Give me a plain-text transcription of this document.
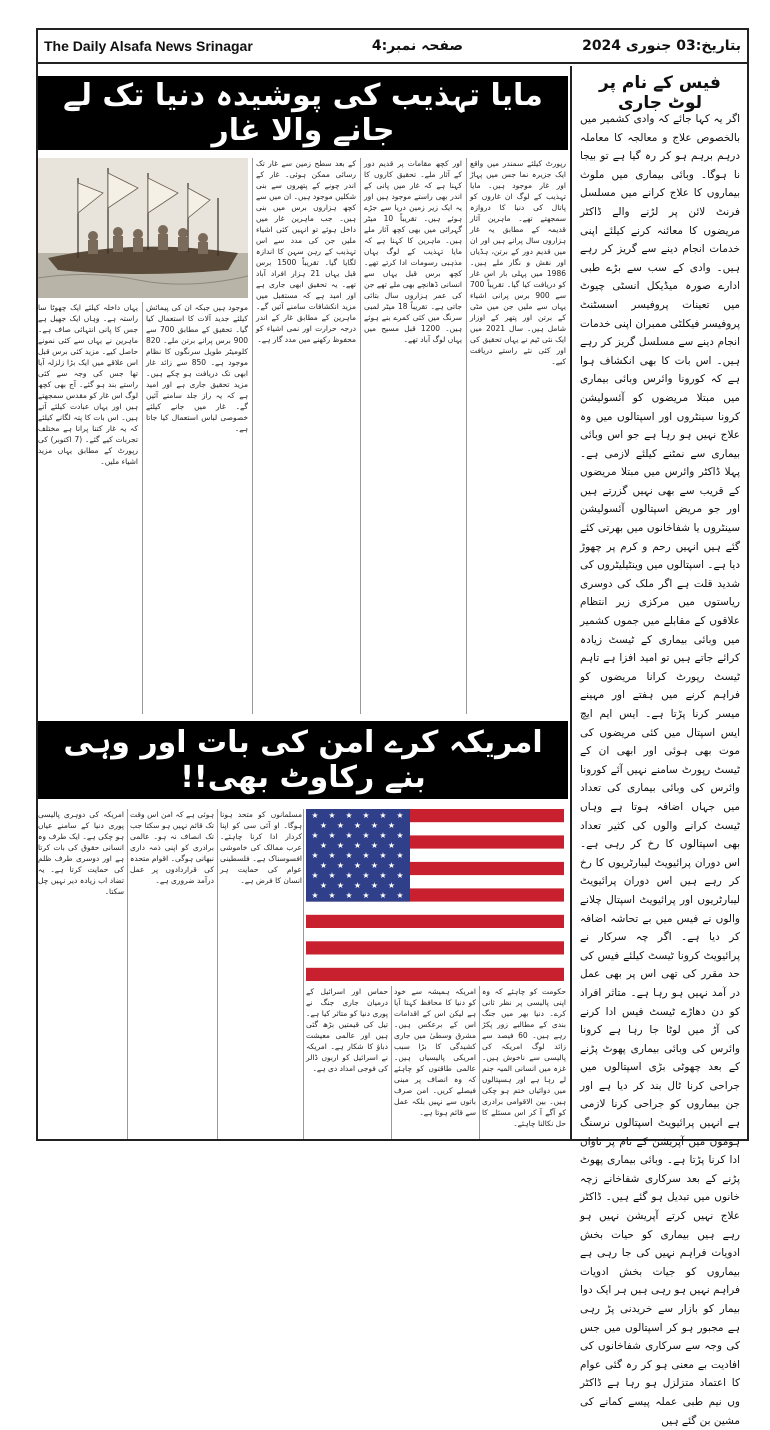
The Daily Alsafa News Srinagar	صفحہ نمبر:4	بتاریخ:03 جنوری 2024
مایا تہذیب کی پوشیدہ دنیا تک لے جانے والا غار

یہاں داخلہ کیلئے ایک چھوٹا سا راستہ ہے۔ وہاں ایک جھیل ہے جس کا پانی انتہائی صاف ہے۔ ماہرین نے یہاں سے کئی نمونے حاصل کیے۔ مزید کئی برس قبل اس علاقے میں ایک بڑا زلزلہ آیا تھا جس کی وجہ سے کئی راستے بند ہو گئے۔ آج بھی کچھ لوگ اس غار کو مقدس سمجھتے ہیں اور یہاں عبادت کیلئے آتے ہیں۔ اس بات کا پتہ لگانے کیلئے کہ یہ غار کتنا پرانا ہے مختلف تجربات کیے گئے۔ (7 اکتوبر) کی رپورٹ کے مطابق یہاں مزید اشیاء ملیں۔

موجود ہیں جبکہ ان کی پیمائش کیلئے جدید آلات کا استعمال کیا گیا۔ تحقیق کے مطابق 700 سے 900 برس پرانے برتن ملے۔ 820 کلومیٹر طویل سرنگوں کا نظام موجود ہے۔ 850 سے زائد غار ابھی تک دریافت ہو چکے ہیں۔ مزید تحقیق جاری ہے اور امید ہے کہ یہ راز جلد سامنے آئیں گے۔ غار میں جانے کیلئے خصوصی لباس استعمال کیا جاتا ہے۔

کے بعد سطح زمین سے غار تک رسائی ممکن ہوئی۔ غار کے اندر چونے کے پتھروں سے بنی شکلیں موجود ہیں۔ ان میں سے کچھ ہزاروں برس میں بنی ہیں۔ جب ماہرین غار میں داخل ہوئے تو انہیں کئی اشیاء ملیں جن کی مدد سے اس تہذیب کے رہن سہن کا اندازہ لگایا گیا۔ تقریباً 1500 برس قبل یہاں 21 ہزار افراد آباد تھے۔ یہ تحقیق ابھی جاری ہے اور امید ہے کہ مستقبل میں مزید انکشافات سامنے آئیں گے۔ ماہرین کے مطابق غار کے اندر درجہ حرارت اور نمی اشیاء کو محفوظ رکھنے میں مدد گار ہے۔

اور کچھ مقامات پر قدیم دور کے آثار ملے۔ تحقیق کاروں کا کہنا ہے کہ غار میں پانی کے اندر بھی راستے موجود ہیں اور یہ ایک زیر زمین دریا سے جڑے ہوئے ہیں۔ تقریباً 10 میٹر گہرائی میں بھی کچھ آثار ملے ہیں۔ ماہرین کا کہنا ہے کہ مایا تہذیب کے لوگ یہاں مذہبی رسومات ادا کرتے تھے۔ کچھ برس قبل یہاں سے انسانی ڈھانچے بھی ملے تھے جن کی عمر ہزاروں سال بتائی جاتی ہے۔ تقریباً 18 میٹر لمبی سرنگ میں کئی کمرے بنے ہوئے ہیں۔ 1200 قبل مسیح میں یہاں لوگ آباد تھے۔

رپورٹ کیلئے سمندر میں واقع ایک جزیرہ نما جس میں پہاڑ اور غار موجود ہیں۔ مایا تہذیب کے لوگ ان غاروں کو پاتال کی دنیا کا دروازہ سمجھتے تھے۔ ماہرین آثار قدیمہ کے مطابق یہ غار ہزاروں سال پرانے ہیں اور ان میں قدیم دور کے برتن، ہڈیاں اور نقش و نگار ملے ہیں۔ 1986 میں پہلی بار اس غار کو دریافت کیا گیا۔ تقریباً 700 سے 900 برس پرانی اشیاء یہاں سے ملیں جن میں مٹی کے برتن اور پتھر کے اوزار شامل ہیں۔ سال 2021 میں ایک نئی ٹیم نے یہاں تحقیق کی اور کئی نئے راستے دریافت کیے۔

امریکہ کرے امن کی بات اور وہی بنے رکاوٹ بھی!!

امریکہ کی دوہری پالیسی پوری دنیا کے سامنے عیاں ہو چکی ہے۔ ایک طرف وہ انسانی حقوق کی بات کرتا ہے اور دوسری طرف ظلم کی حمایت کرتا ہے۔ یہ تضاد اب زیادہ دیر نہیں چل سکتا۔

ہوئی ہے کہ امن اس وقت تک قائم نہیں ہو سکتا جب تک انصاف نہ ہو۔ عالمی برادری کو اپنی ذمہ داری نبھانی ہوگی۔ اقوام متحدہ کی قراردادوں پر عمل درآمد ضروری ہے۔

مسلمانوں کو متحد ہونا ہوگا۔ او آئی سی کو اپنا کردار ادا کرنا چاہئے۔ عرب ممالک کی خاموشی افسوسناک ہے۔ فلسطینی عوام کی حمایت ہر انسان کا فرض ہے۔

★ ★ ★ ★ ★ ★
★ ★ ★ ★ ★
★ ★ ★ ★ ★ ★
★ ★ ★ ★ ★
★ ★ ★ ★ ★ ★
★ ★ ★ ★ ★
★ ★ ★ ★ ★ ★
★ ★ ★ ★ ★
★ ★ ★ ★ ★ ★

حماس اور اسرائیل کے درمیان جاری جنگ نے پوری دنیا کو متاثر کیا ہے۔ تیل کی قیمتیں بڑھ گئی ہیں اور عالمی معیشت دباؤ کا شکار ہے۔ امریکہ نے اسرائیل کو اربوں ڈالر کی فوجی امداد دی ہے۔

امریکہ ہمیشہ سے خود کو دنیا کا محافظ کہتا آیا ہے لیکن اس کے اقدامات اس کے برعکس ہیں۔ مشرق وسطیٰ میں جاری کشیدگی کا بڑا سبب امریکی پالیسیاں ہیں۔ عالمی طاقتوں کو چاہئے کہ وہ انصاف پر مبنی فیصلے کریں۔ امن صرف باتوں سے نہیں بلکہ عمل سے قائم ہوتا ہے۔

حکومت کو چاہئے کہ وہ اپنی پالیسی پر نظر ثانی کرے۔ دنیا بھر میں جنگ بندی کے مطالبے زور پکڑ رہے ہیں۔ 60 فیصد سے زائد لوگ امریکہ کی پالیسی سے ناخوش ہیں۔ غزہ میں انسانی المیہ جنم لے رہا ہے اور ہسپتالوں میں دوائیاں ختم ہو چکی ہیں۔ بین الاقوامی برادری کو آگے آ کر اس مسئلے کا حل نکالنا چاہئے۔

فیس کے نام پر لوٹ جاری
اگر یہ کہا جائے کہ وادی کشمیر میں بالخصوص علاج و معالجہ کا معاملہ درہم برہم ہو کر رہ گیا ہے تو بیجا نا ہوگا۔ وبائی بیماری میں ملوث بیماروں کا علاج کرانے میں مسلسل فرنٹ لائن پر لڑنے والے ڈاکٹر مریضوں کا معائنہ کرنے کیلئے اپنی خدمات انجام دینے سے گریز کر رہے ہیں۔ وادی کے سب سے بڑے طبی ادارے صورہ میڈیکل انسٹی چیوٹ میں تعینات پروفیسر اسسٹنٹ پروفیسر فیکلٹی ممبران اپنی خدمات انجام دینے سے مسلسل گریز کر رہے ہیں۔ اس بات کا بھی انکشاف ہوا ہے کہ کورونا وائرس وبائی بیماری میں مبتلا مریضوں کو آئسولیشن کرونا سینٹروں اور اسپتالوں میں وہ علاج نہیں ہو رہا ہے جو اس وبائی بیماری سے نمٹنے کیلئے لازمی ہے۔ پہلا ڈاکٹر وائرس میں مبتلا مریضوں کے قریب سے بھی نہیں گزرتے ہیں اور جو مریض اسپتالوں آئسولیشن سینٹروں یا شفاخانوں میں بھرتی کئے گئے ہیں انہیں رحم و کرم پر چھوڑ دیا ہے۔ اسپتالوں میں وینٹیلیٹروں کی شدید قلت ہے اگر ملک کی دوسری ریاستوں میں مرکزی زیر انتظام علاقوں کے مقابلے میں جموں کشمیر میں وبائی بیماری کے ٹیسٹ زیادہ کرائے جاتے ہیں تو امید افزا ہے تاہم ٹیسٹ رپورٹ کرانا مریضوں کو فراہم کرنے میں ہفتے اور مہینے میسر کرنا پڑتا ہے۔ ایس ایم ایچ ایس اسپتال میں کئی مریضوں کی موت بھی ہوئی اور ابھی ان کے ٹیسٹ رپورٹ سامنے نہیں آئے کورونا وائرس کی وبائی بیماری کی تعداد میں جہاں اضافہ ہوتا ہے وہاں ٹیسٹ کرانے والوں کی کثیر تعداد بھی اسپتالوں کا رخ کر رہی ہے۔ اس دوران پرائیویٹ لیبارٹریوں کا رخ کر رہے ہیں اس دوران پرائیویٹ لیبارٹریوں اور پرائیویٹ اسپتال چلانے والوں نے فیس میں بے تحاشہ اضافہ کر دیا ہے۔ اگر چہ سرکار نے پرائیویٹ کرونا ٹیسٹ کیلئے فیس کی حد مقرر کی تھی اس پر بھی عمل در آمد نہیں ہو رہا ہے۔ متاثر افراد کو دن دھاڑے ٹیسٹ فیس ادا کرنے کی آڑ میں لوٹا جا رہا ہے کرونا وائرس کی وبائی بیماری پھوٹ پڑنے کے بعد چھوٹی بڑی اسپتالوں میں جراحی کرنا ٹال بند کر دیا ہے اور جن بیماروں کو جراحی کرنا لازمی ہے انہیں پرائیویٹ اسپتالوں نرسنگ ہوموں میں آپریشن کے نام پر تاوان ادا کرنا پڑتا ہے۔ وبائی بیماری پھوٹ پڑنے کے بعد سرکاری شفاخانے زچہ خانوں میں تبدیل ہو گئے ہیں۔ ڈاکٹر علاج نہیں کرتے آپریشن نہیں ہو رہے ہیں بیماری کو حیات بخش ادویات فراہم نہیں کی جا رہی ہے بیماروں کو جیات بخش ادویات فراہم نہیں ہو رہی ہیں ہر ایک دوا بیمار کو بازار سے خریدنی پڑ رہی ہے مجبور ہو کر اسپتالوں میں جس کی وجہ سے سرکاری شفاخانوں کی افادیت بے معنی ہو کر رہ گئی عوام کا اعتماد متزلزل ہو رہا ہے ڈاکٹر وں نیم طبی عملہ پیسے کمانے کی مشین بن گئے ہیں
